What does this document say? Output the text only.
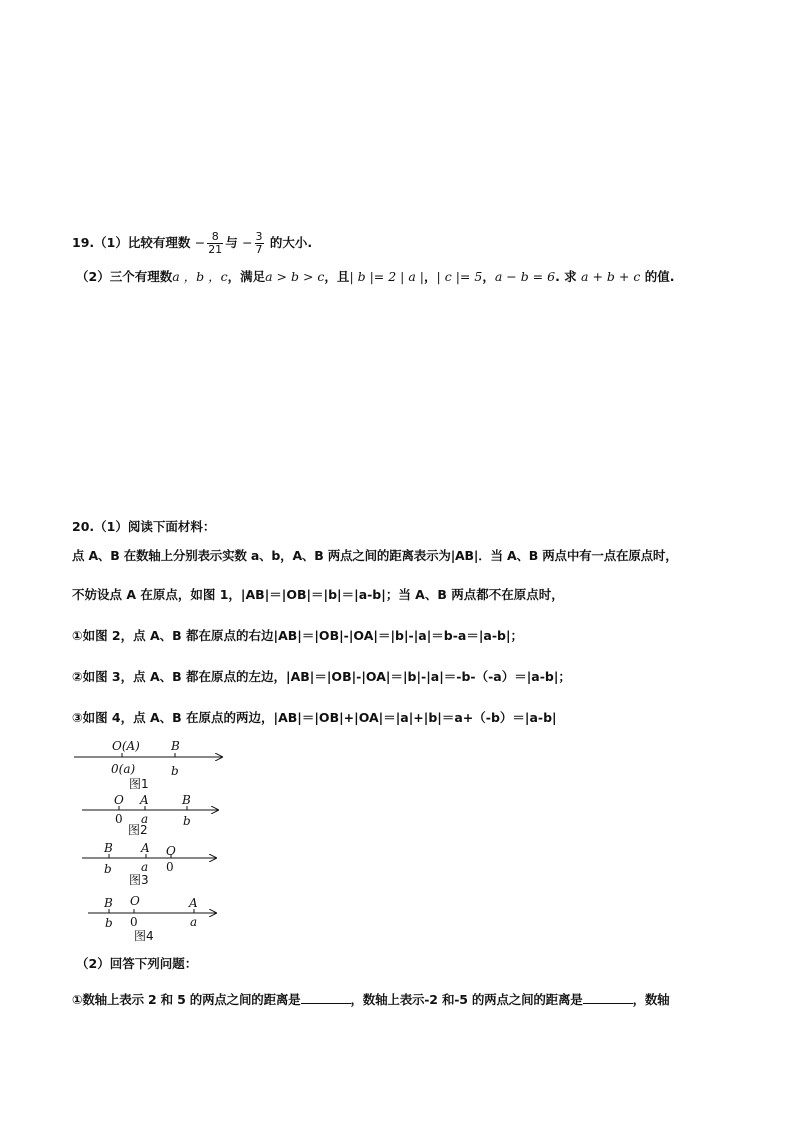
19.（1）比较有理数 − $\frac{8}{21}$ 与 − $\frac{3}{7}$ 的大小.
（2）三个有理数a ，b ，c，满足a > b > c，且| b |= 2 | a |，| c |= 5，a − b = 6. 求 a + b + c 的值.
20.（1）阅读下面材料：
点 A、B 在数轴上分别表示实数 a、b，A、B 两点之间的距离表示为|AB|．当 A、B 两点中有一点在原点时，
不妨设点 A 在原点，如图 1，|AB|＝|OB|＝|b|＝|a-b|；当 A、B 两点都不在原点时，
①如图 2，点 A、B 都在原点的右边|AB|＝|OB|-|OA|＝|b|-|a|＝b-a＝|a-b|；
②如图 3，点 A、B 都在原点的左边，|AB|＝|OB|-|OA|＝|b|-|a|＝-b-（-a）＝|a-b|；
③如图 4，点 A、B 在原点的两边，|AB|＝|OB|+|OA|＝|a|+|b|＝a+（-b）＝|a-b|
O(A)
0(a)
B
b
图1
O A	B
0 a	b
图2
B A O
b a 0
图3
B O	A
b 0	a
图4
（2）回答下列问题：
①数轴上表示 2 和 5 的两点之间的距离是	，数轴上表示-2 和-5 的两点之间的距离是	，数轴
